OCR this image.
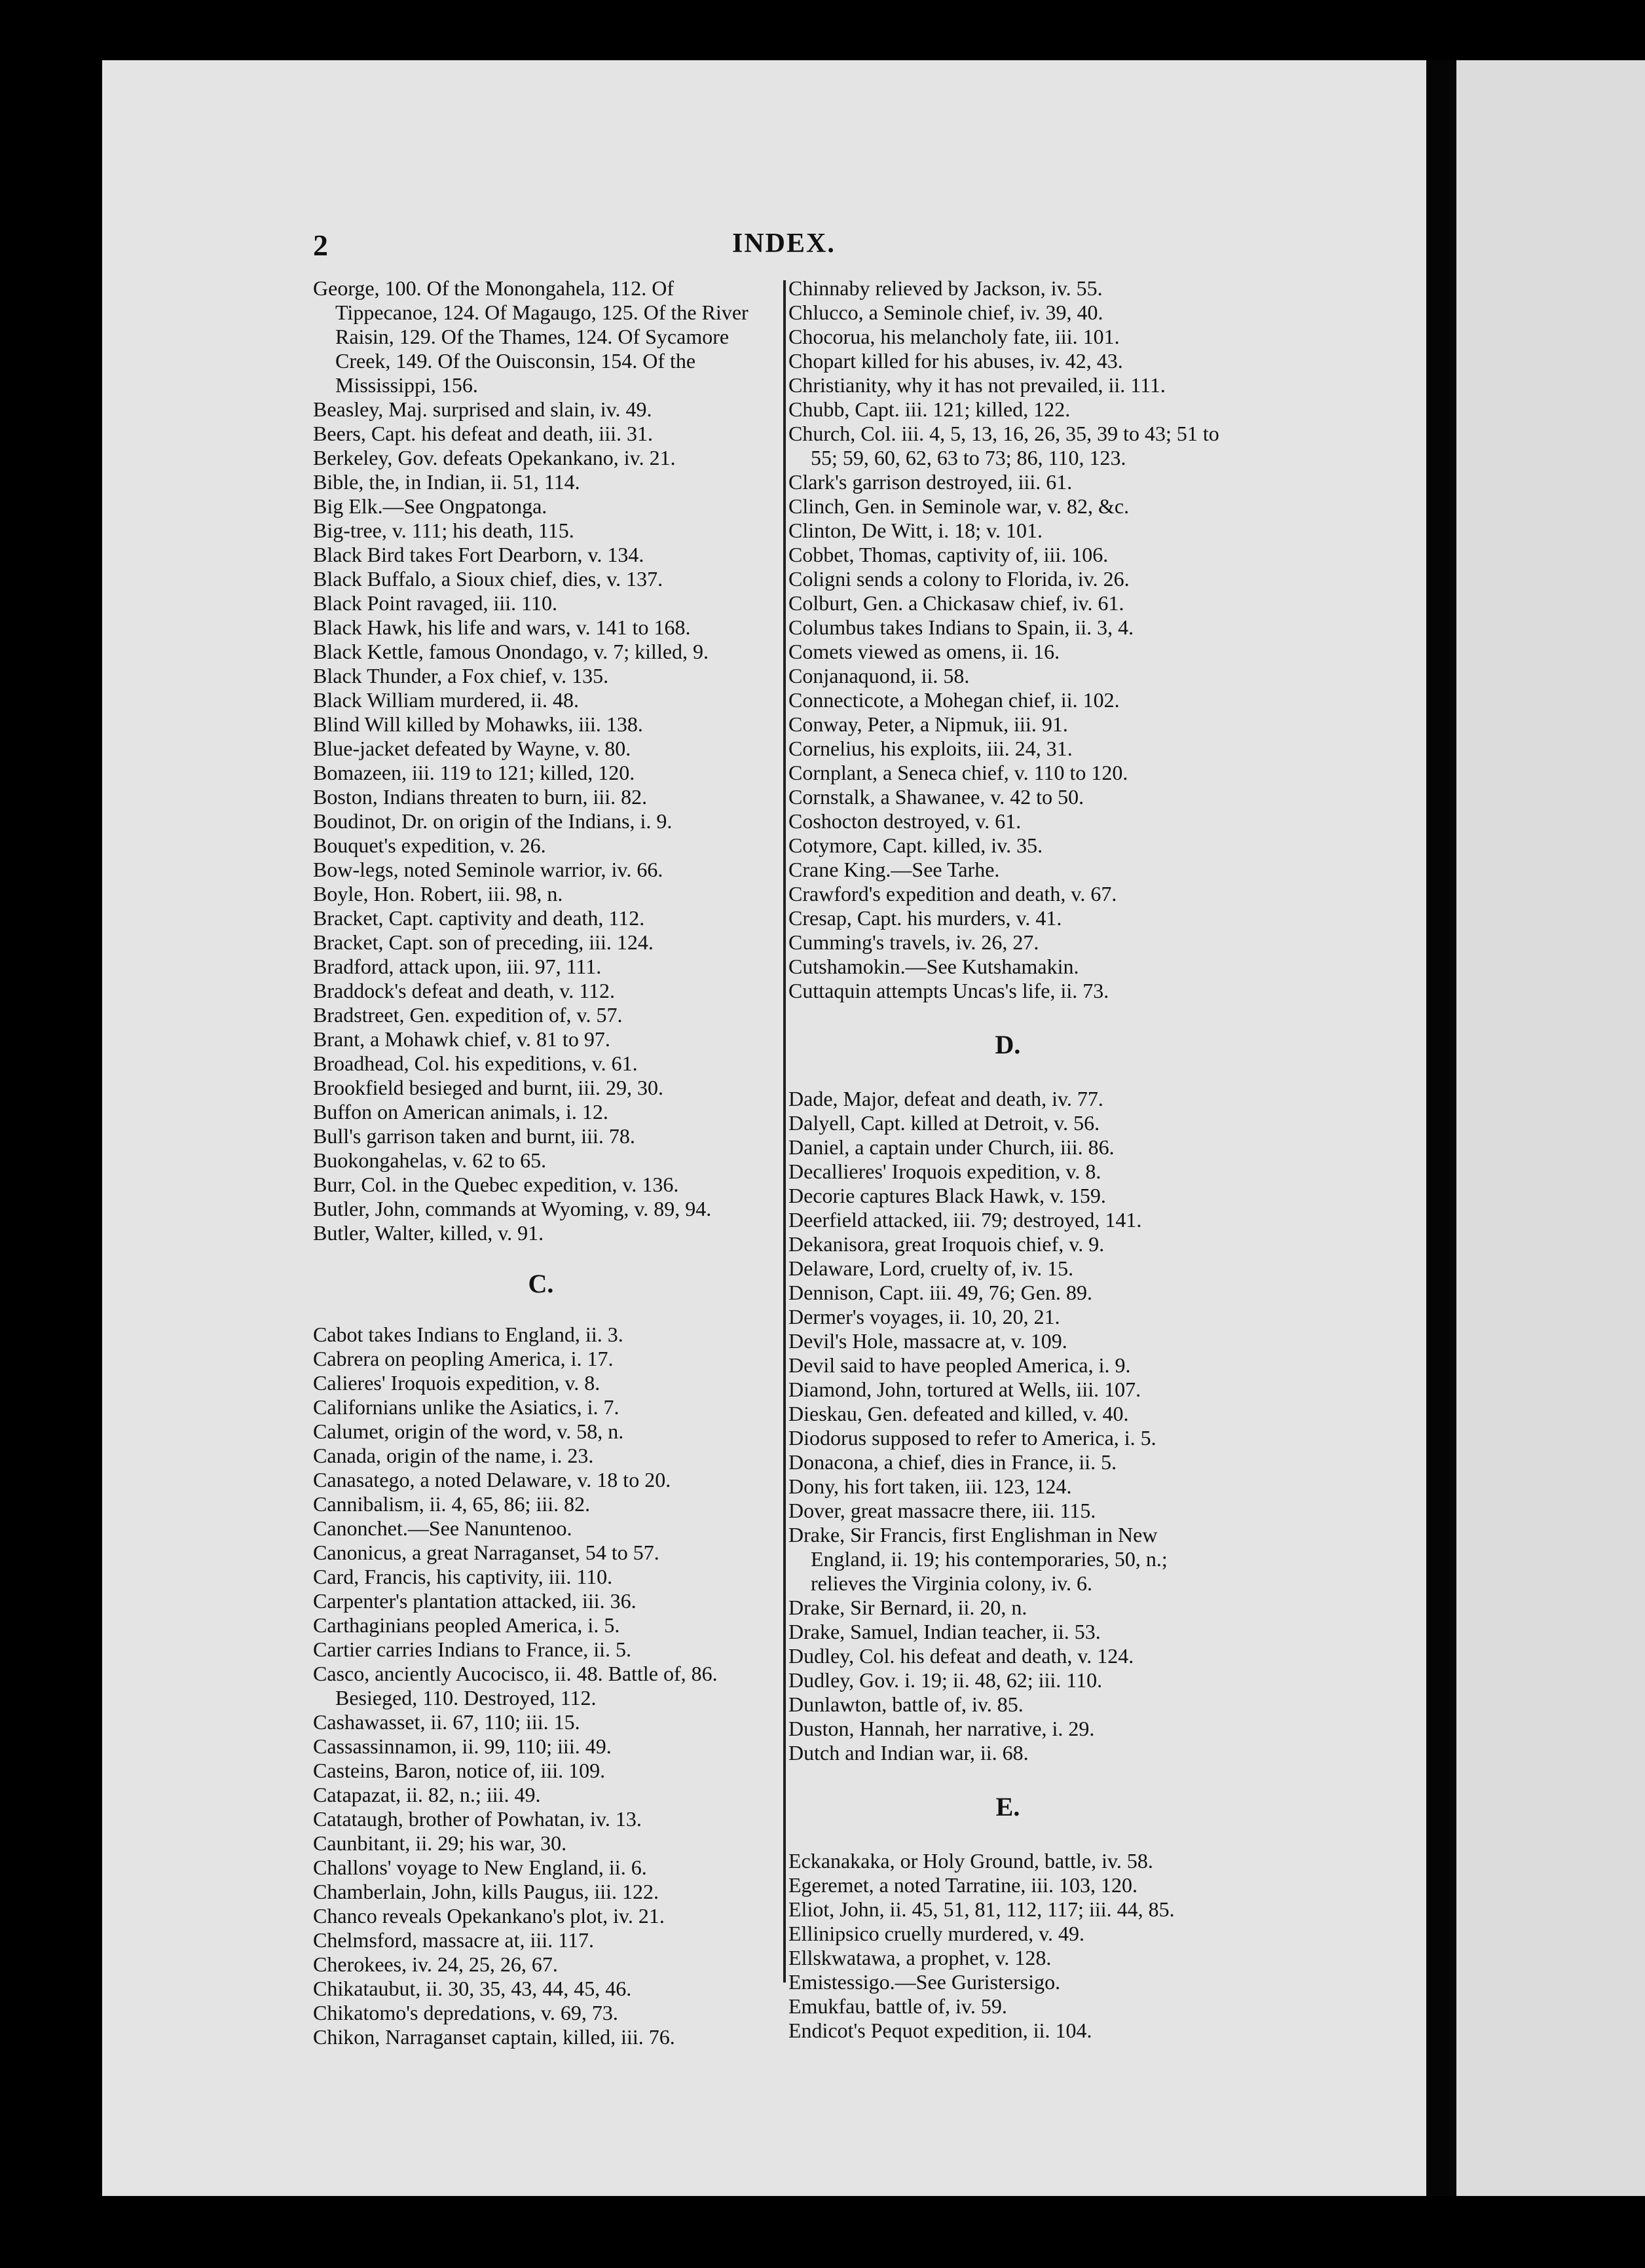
2	INDEX.
George, 100. Of the Monongahela, 112. Of Tippecanoe, 124. Of Magaugo, 125. Of the River Raisin, 129. Of the Thames, 124. Of Sycamore Creek, 149. Of the Ouisconsin, 154. Of the Mississippi, 156.
Beasley, Maj. surprised and slain, iv. 49.
Beers, Capt. his defeat and death, iii. 31.
Berkeley, Gov. defeats Opekankano, iv. 21.
Bible, the, in Indian, ii. 51, 114.
Big Elk.—See Ongpatonga.
Big-tree, v. 111; his death, 115.
Black Bird takes Fort Dearborn, v. 134.
Black Buffalo, a Sioux chief, dies, v. 137.
Black Point ravaged, iii. 110.
Black Hawk, his life and wars, v. 141 to 168.
Black Kettle, famous Onondago, v. 7; killed, 9.
Black Thunder, a Fox chief, v. 135.
Black William murdered, ii. 48.
Blind Will killed by Mohawks, iii. 138.
Blue-jacket defeated by Wayne, v. 80.
Bomazeen, iii. 119 to 121; killed, 120.
Boston, Indians threaten to burn, iii. 82.
Boudinot, Dr. on origin of the Indians, i. 9.
Bouquet's expedition, v. 26.
Bow-legs, noted Seminole warrior, iv. 66.
Boyle, Hon. Robert, iii. 98, n.
Bracket, Capt. captivity and death, 112.
Bracket, Capt. son of preceding, iii. 124.
Bradford, attack upon, iii. 97, 111.
Braddock's defeat and death, v. 112.
Bradstreet, Gen. expedition of, v. 57.
Brant, a Mohawk chief, v. 81 to 97.
Broadhead, Col. his expeditions, v. 61.
Brookfield besieged and burnt, iii. 29, 30.
Buffon on American animals, i. 12.
Bull's garrison taken and burnt, iii. 78.
Buokongahelas, v. 62 to 65.
Burr, Col. in the Quebec expedition, v. 136.
Butler, John, commands at Wyoming, v. 89, 94.
Butler, Walter, killed, v. 91.
C.
Cabot takes Indians to England, ii. 3.
Cabrera on peopling America, i. 17.
Calieres' Iroquois expedition, v. 8.
Californians unlike the Asiatics, i. 7.
Calumet, origin of the word, v. 58, n.
Canada, origin of the name, i. 23.
Canasatego, a noted Delaware, v. 18 to 20.
Cannibalism, ii. 4, 65, 86; iii. 82.
Canonchet.—See Nanuntenoo.
Canonicus, a great Narraganset, 54 to 57.
Card, Francis, his captivity, iii. 110.
Carpenter's plantation attacked, iii. 36.
Carthaginians peopled America, i. 5.
Cartier carries Indians to France, ii. 5.
Casco, anciently Aucocisco, ii. 48. Battle of, 86. Besieged, 110. Destroyed, 112.
Cashawasset, ii. 67, 110; iii. 15.
Cassassinnamon, ii. 99, 110; iii. 49.
Casteins, Baron, notice of, iii. 109.
Catapazat, ii. 82, n.; iii. 49.
Catataugh, brother of Powhatan, iv. 13.
Caunbitant, ii. 29; his war, 30.
Challons' voyage to New England, ii. 6.
Chamberlain, John, kills Paugus, iii. 122.
Chanco reveals Opekankano's plot, iv. 21.
Chelmsford, massacre at, iii. 117.
Cherokees, iv. 24, 25, 26, 67.
Chikataubut, ii. 30, 35, 43, 44, 45, 46.
Chikatomo's depredations, v. 69, 73.
Chikon, Narraganset captain, killed, iii. 76.
Chinnaby relieved by Jackson, iv. 55.
Chlucco, a Seminole chief, iv. 39, 40.
Chocorua, his melancholy fate, iii. 101.
Chopart killed for his abuses, iv. 42, 43.
Christianity, why it has not prevailed, ii. 111.
Chubb, Capt. iii. 121; killed, 122.
Church, Col. iii. 4, 5, 13, 16, 26, 35, 39 to 43; 51 to 55; 59, 60, 62, 63 to 73; 86, 110, 123.
Clark's garrison destroyed, iii. 61.
Clinch, Gen. in Seminole war, v. 82, &c.
Clinton, De Witt, i. 18; v. 101.
Cobbet, Thomas, captivity of, iii. 106.
Coligni sends a colony to Florida, iv. 26.
Colburt, Gen. a Chickasaw chief, iv. 61.
Columbus takes Indians to Spain, ii. 3, 4.
Comets viewed as omens, ii. 16.
Conjanaquond, ii. 58.
Connecticote, a Mohegan chief, ii. 102.
Conway, Peter, a Nipmuk, iii. 91.
Cornelius, his exploits, iii. 24, 31.
Cornplant, a Seneca chief, v. 110 to 120.
Cornstalk, a Shawanee, v. 42 to 50.
Coshocton destroyed, v. 61.
Cotymore, Capt. killed, iv. 35.
Crane King.—See Tarhe.
Crawford's expedition and death, v. 67.
Cresap, Capt. his murders, v. 41.
Cumming's travels, iv. 26, 27.
Cutshamokin.—See Kutshamakin.
Cuttaquin attempts Uncas's life, ii. 73.
D.
Dade, Major, defeat and death, iv. 77.
Dalyell, Capt. killed at Detroit, v. 56.
Daniel, a captain under Church, iii. 86.
Decallieres' Iroquois expedition, v. 8.
Decorie captures Black Hawk, v. 159.
Deerfield attacked, iii. 79; destroyed, 141.
Dekanisora, great Iroquois chief, v. 9.
Delaware, Lord, cruelty of, iv. 15.
Dennison, Capt. iii. 49, 76; Gen. 89.
Dermer's voyages, ii. 10, 20, 21.
Devil's Hole, massacre at, v. 109.
Devil said to have peopled America, i. 9.
Diamond, John, tortured at Wells, iii. 107.
Dieskau, Gen. defeated and killed, v. 40.
Diodorus supposed to refer to America, i. 5.
Donacona, a chief, dies in France, ii. 5.
Dony, his fort taken, iii. 123, 124.
Dover, great massacre there, iii. 115.
Drake, Sir Francis, first Englishman in New England, ii. 19; his contemporaries, 50, n.; relieves the Virginia colony, iv. 6.
Drake, Sir Bernard, ii. 20, n.
Drake, Samuel, Indian teacher, ii. 53.
Dudley, Col. his defeat and death, v. 124.
Dudley, Gov. i. 19; ii. 48, 62; iii. 110.
Dunlawton, battle of, iv. 85.
Duston, Hannah, her narrative, i. 29.
Dutch and Indian war, ii. 68.
E.
Eckanakaka, or Holy Ground, battle, iv. 58.
Egeremet, a noted Tarratine, iii. 103, 120.
Eliot, John, ii. 45, 51, 81, 112, 117; iii. 44, 85.
Ellinipsico cruelly murdered, v. 49.
Ellskwatawa, a prophet, v. 128.
Emistessigo.—See Guristersigo.
Emukfau, battle of, iv. 59.
Endicot's Pequot expedition, ii. 104.
